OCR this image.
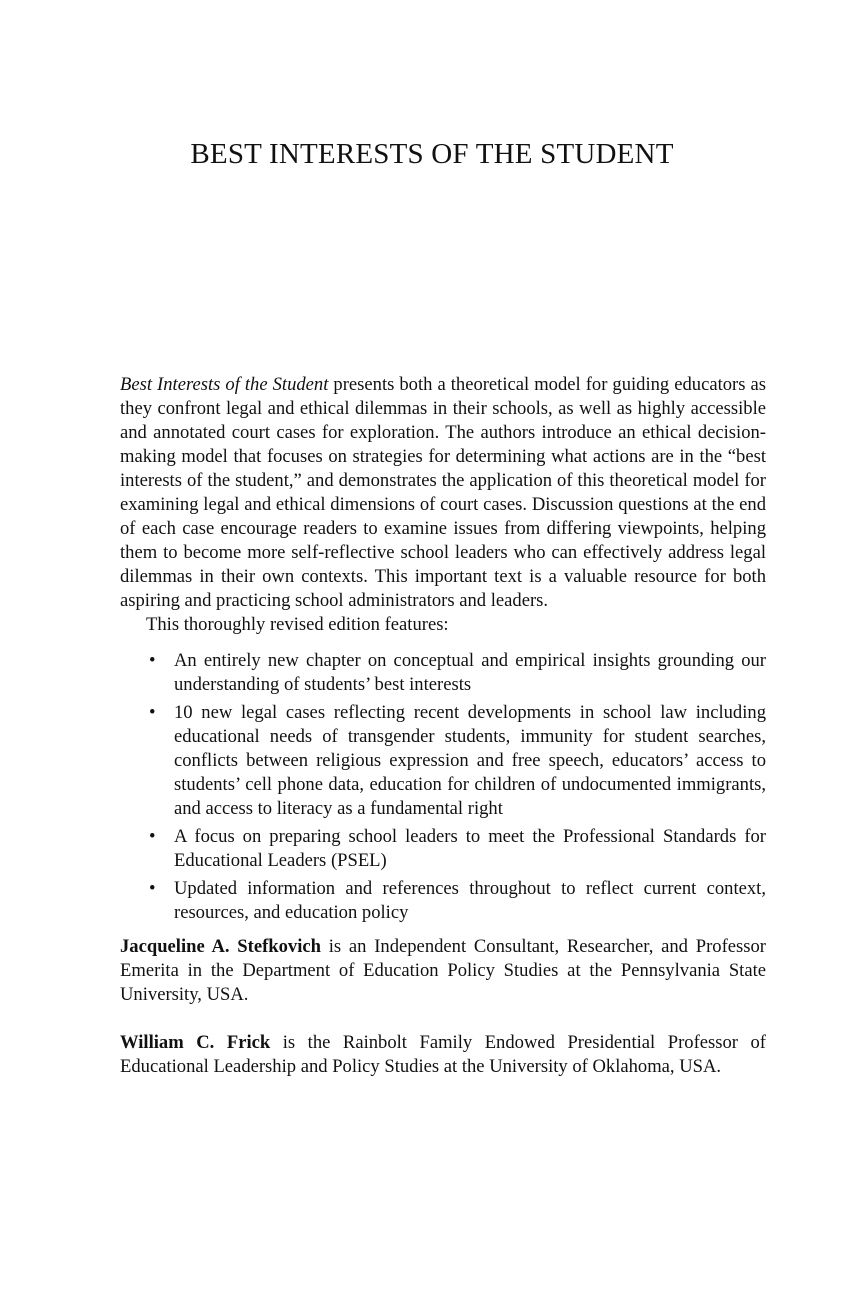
BEST INTERESTS OF THE STUDENT

Best Interests of the Student presents both a theoretical model for guiding educators as they confront legal and ethical dilemmas in their schools, as well as highly accessible and annotated court cases for exploration. The authors introduce an ethical decision-making model that focuses on strategies for determining what actions are in the “best interests of the student,” and demonstrates the application of this theoretical model for examining legal and ethical dimensions of court cases. Discussion questions at the end of each case encourage readers to examine issues from differing viewpoints, helping them to become more self-reflective school leaders who can effectively address legal dilemmas in their own contexts. This important text is a valuable resource for both aspiring and practicing school administrators and leaders.

This thoroughly revised edition features:

• An entirely new chapter on conceptual and empirical insights grounding our understanding of students’ best interests
• 10 new legal cases reflecting recent developments in school law including educational needs of transgender students, immunity for student searches, conflicts between religious expression and free speech, educators’ access to students’ cell phone data, education for children of undocumented immigrants, and access to literacy as a fundamental right
• A focus on preparing school leaders to meet the Professional Standards for Educational Leaders (PSEL)
• Updated information and references throughout to reflect current context, resources, and education policy

Jacqueline A. Stefkovich is an Independent Consultant, Researcher, and Professor Emerita in the Department of Education Policy Studies at the Pennsylvania State University, USA.

William C. Frick is the Rainbolt Family Endowed Presidential Professor of Educational Leadership and Policy Studies at the University of Oklahoma, USA.
